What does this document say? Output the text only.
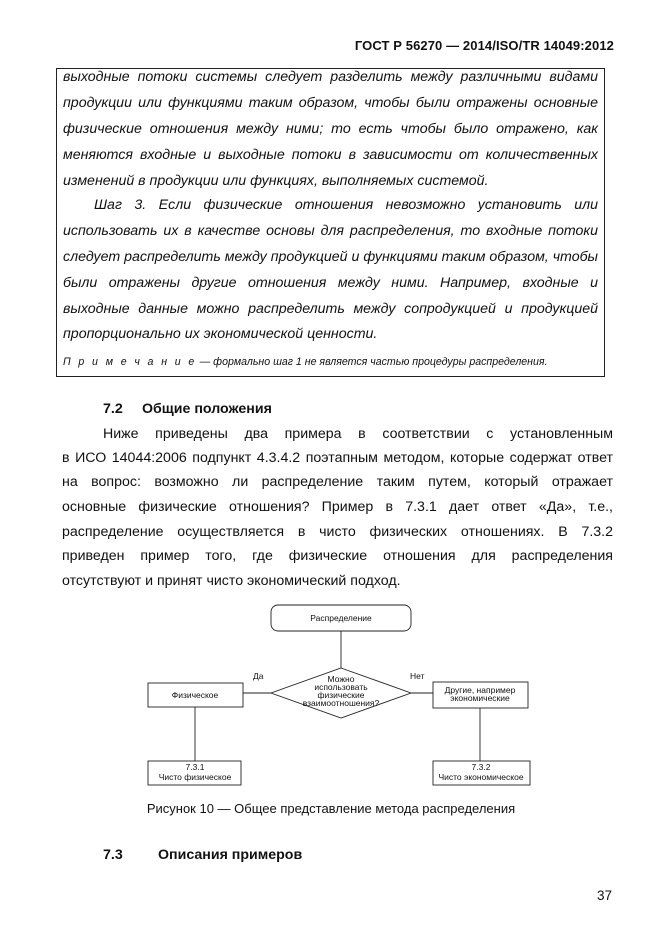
ГОСТ Р 56270 — 2014/ISO/TR 14049:2012
выходные потоки системы следует разделить между различными видами
продукции или функциями таким образом, чтобы были отражены основные
физические отношения между ними; то есть чтобы было отражено, как
меняются входные и выходные потоки в зависимости от количественных
изменений в продукции или функциях, выполняемых системой.
Шаг 3. Если физические отношения невозможно установить или
использовать их в качестве основы для распределения, то входные потоки
следует распределить между продукцией и функциями таким образом, чтобы
были отражены другие отношения между ними. Например, входные и
выходные данные можно распределить между сопродукцией и продукцией
пропорционально их экономической ценности.
П р и м е ч а н и е — формально шаг 1 не является частью процедуры распределения.
7.2 Общие положения
Ниже приведены два примера в соответствии с установленным
в ИСО 14044:2006 подпункт 4.3.4.2 поэтапным методом, которые содержат ответ
на вопрос: возможно ли распределение таким путем, который отражает
основные физические отношения? Пример в 7.3.1 дает ответ «Да», т.е.,
распределение осуществляется в чисто физических отношениях. В 7.3.2
приведен пример того, где физические отношения для распределения
отсутствуют и принят чисто экономический подход.
Распределение
Можно
использовать
физические
взаимоотношения?
Да	Нет
Физическое	Другие, например
экономические
7.3.1
Чисто физическое
7.3.2
Чисто экономическое
Рисунок 10 — Общее представление метода распределения
7.3 Описания примеров
37
